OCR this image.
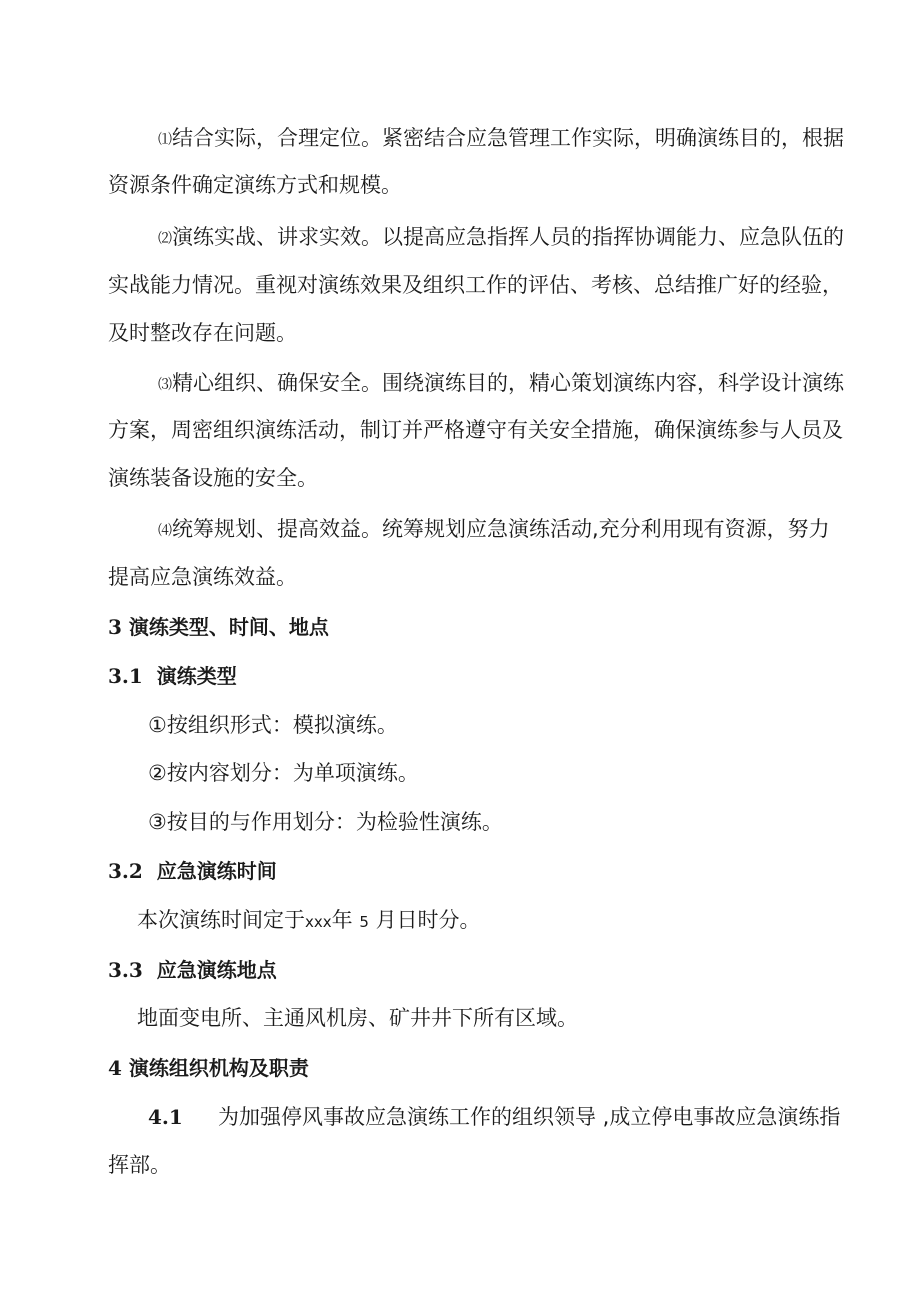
⑴结合实际，合理定位。紧密结合应急管理工作实际，明确演练目的，根据
资源条件确定演练方式和规模。
⑵演练实战、讲求实效。以提高应急指挥人员的指挥协调能力、应急队伍的
实战能力情况。重视对演练效果及组织工作的评估、考核、总结推广好的经验，
及时整改存在问题。
⑶精心组织、确保安全。围绕演练目的，精心策划演练内容，科学设计演练
方案，周密组织演练活动，制订并严格遵守有关安全措施，确保演练参与人员及
演练装备设施的安全。
⑷统筹规划、提高效益。统筹规划应急演练活动,充分利用现有资源，努力
提高应急演练效益。
3 演练类型、时间、地点
3.1 演练类型
①按组织形式：模拟演练。
②按内容划分：为单项演练。
③按目的与作用划分：为检验性演练。
3.2 应急演练时间
本次演练时间定于xxx年 5 月日时分。
3.3 应急演练地点
地面变电所、主通风机房、矿井井下所有区域。
4 演练组织机构及职责
4.1 为加强停风事故应急演练工作的组织领导 ,成立停电事故应急演练指
挥部。
